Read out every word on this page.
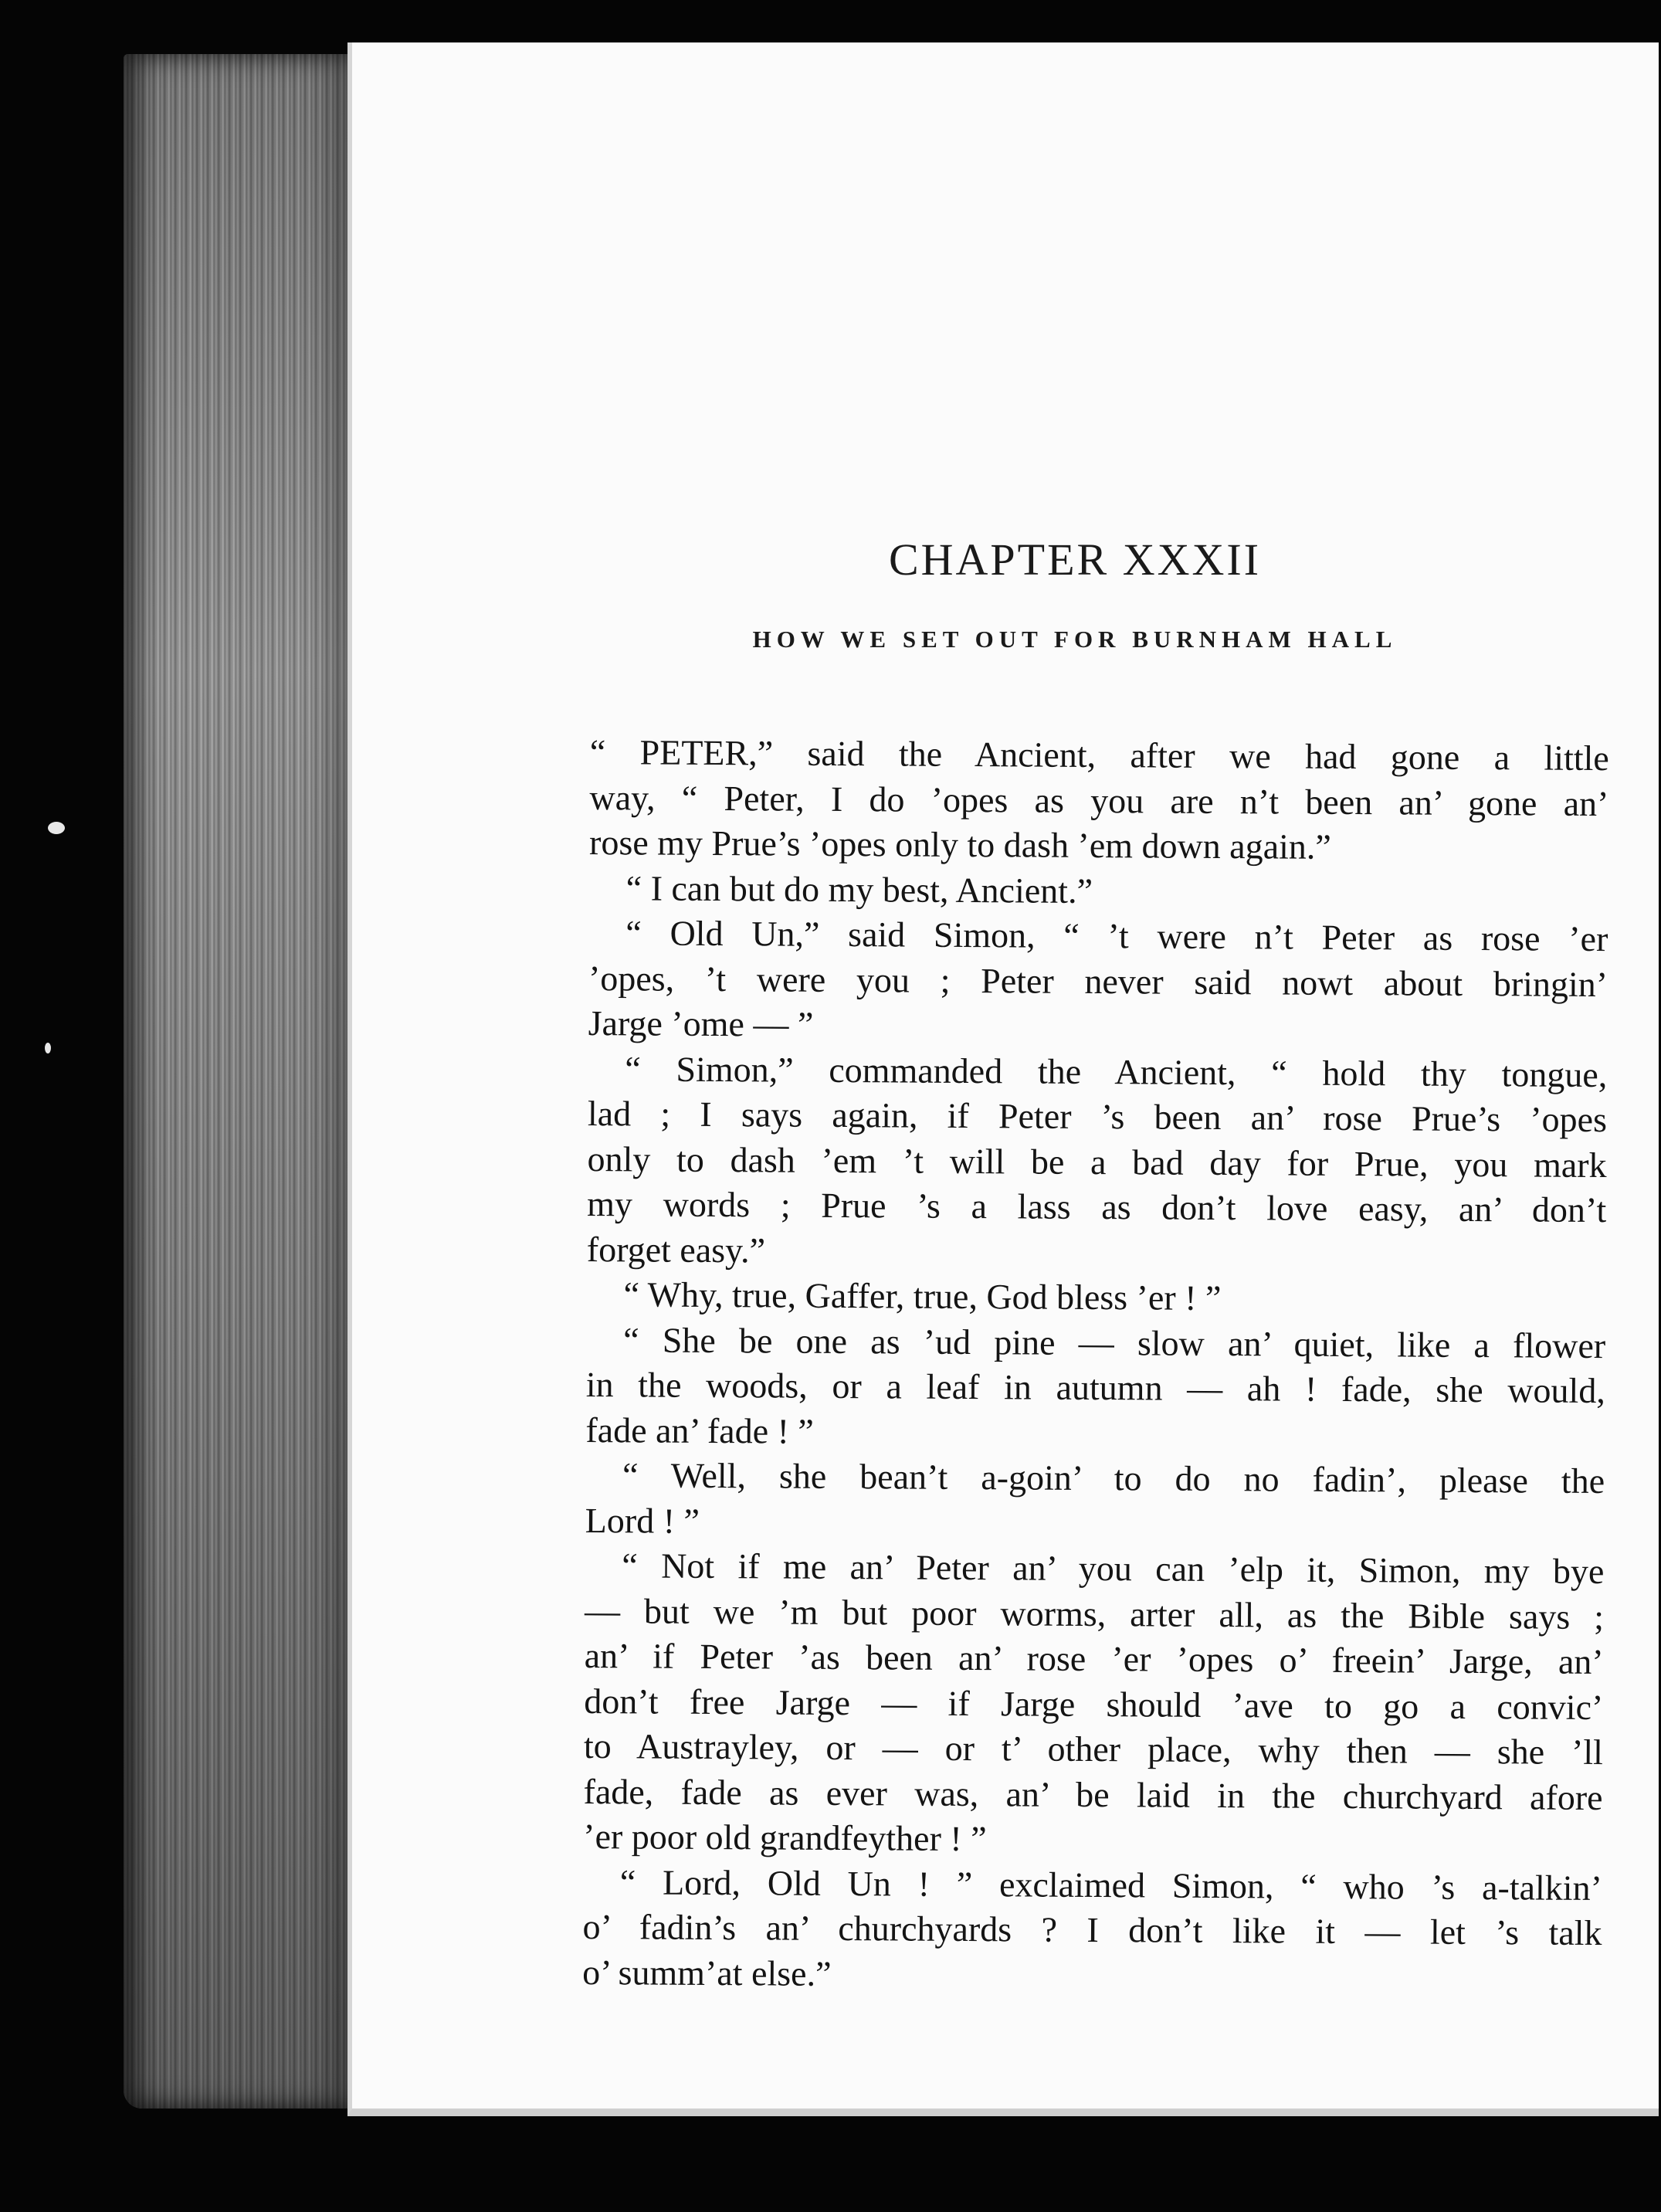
CHAPTER XXXII
HOW WE SET OUT FOR BURNHAM HALL
“ PETER,” said the Ancient, after we had gone a little
way, “ Peter, I do ’opes as you are n’t been an’ gone an’
rose my Prue’s ’opes only to dash ’em down again.”
“ I can but do my best, Ancient.”
“ Old Un,” said Simon, “ ’t were n’t Peter as rose ’er
’opes, ’t were you ; Peter never said nowt about bringin’
Jarge ’ome — ”
“ Simon,” commanded the Ancient, “ hold thy tongue,
lad ; I says again, if Peter ’s been an’ rose Prue’s ’opes
only to dash ’em ’t will be a bad day for Prue, you mark
my words ; Prue ’s a lass as don’t love easy, an’ don’t
forget easy.”
“ Why, true, Gaffer, true, God bless ’er ! ”
“ She be one as ’ud pine — slow an’ quiet, like a flower
in the woods, or a leaf in autumn — ah ! fade, she would,
fade an’ fade ! ”
“ Well, she bean’t a-goin’ to do no fadin’, please the
Lord ! ”
“ Not if me an’ Peter an’ you can ’elp it, Simon, my bye
— but we ’m but poor worms, arter all, as the Bible says ;
an’ if Peter ’as been an’ rose ’er ’opes o’ freein’ Jarge, an’
don’t free Jarge — if Jarge should ’ave to go a convic’
to Austrayley, or — or t’ other place, why then — she ’ll
fade, fade as ever was, an’ be laid in the churchyard afore
’er poor old grandfeyther ! ”
“ Lord, Old Un ! ” exclaimed Simon, “ who ’s a-talkin’
o’ fadin’s an’ churchyards ? I don’t like it — let ’s talk
o’ summ’at else.”
